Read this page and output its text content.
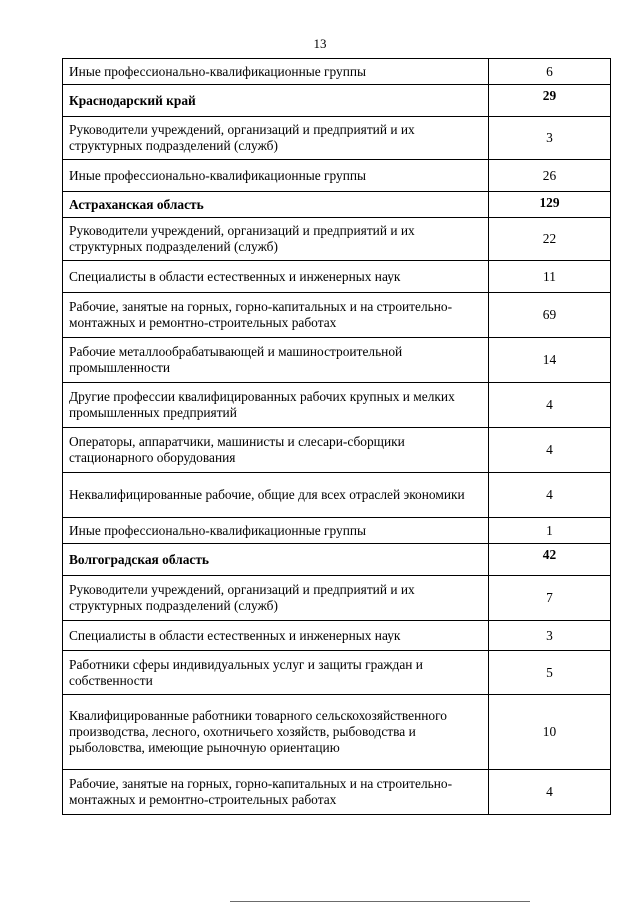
13
Иные профессионально-квалификационные группы	6
Краснодарский край	29
Руководители учреждений, организаций и предприятий и их структурных подразделений (служб)	3
Иные профессионально-квалификационные группы	26
Астраханская область	129
Руководители учреждений, организаций и предприятий и их структурных подразделений (служб)	22
Специалисты в области естественных и инженерных наук	11
Рабочие, занятые на горных, горно-капитальных и на строительно-монтажных и ремонтно-строительных работах	69
Рабочие металлообрабатывающей и машиностроительной промышленности	14
Другие профессии квалифицированных рабочих крупных и мелких промышленных предприятий	4
Операторы, аппаратчики, машинисты и слесари-сборщики стационарного оборудования	4
Неквалифицированные рабочие, общие для всех отраслей экономики	4
Иные профессионально-квалификационные группы	1
Волгоградская область	42
Руководители учреждений, организаций и предприятий и их структурных подразделений (служб)	7
Специалисты в области естественных и инженерных наук	3
Работники сферы индивидуальных услуг и защиты граждан и собственности	5
Квалифицированные работники товарного сельскохозяйственного производства, лесного, охотничьего хозяйств, рыбоводства и рыболовства, имеющие рыночную ориентацию	10
Рабочие, занятые на горных, горно-капитальных и на строительно-монтажных и ремонтно-строительных работах	4
